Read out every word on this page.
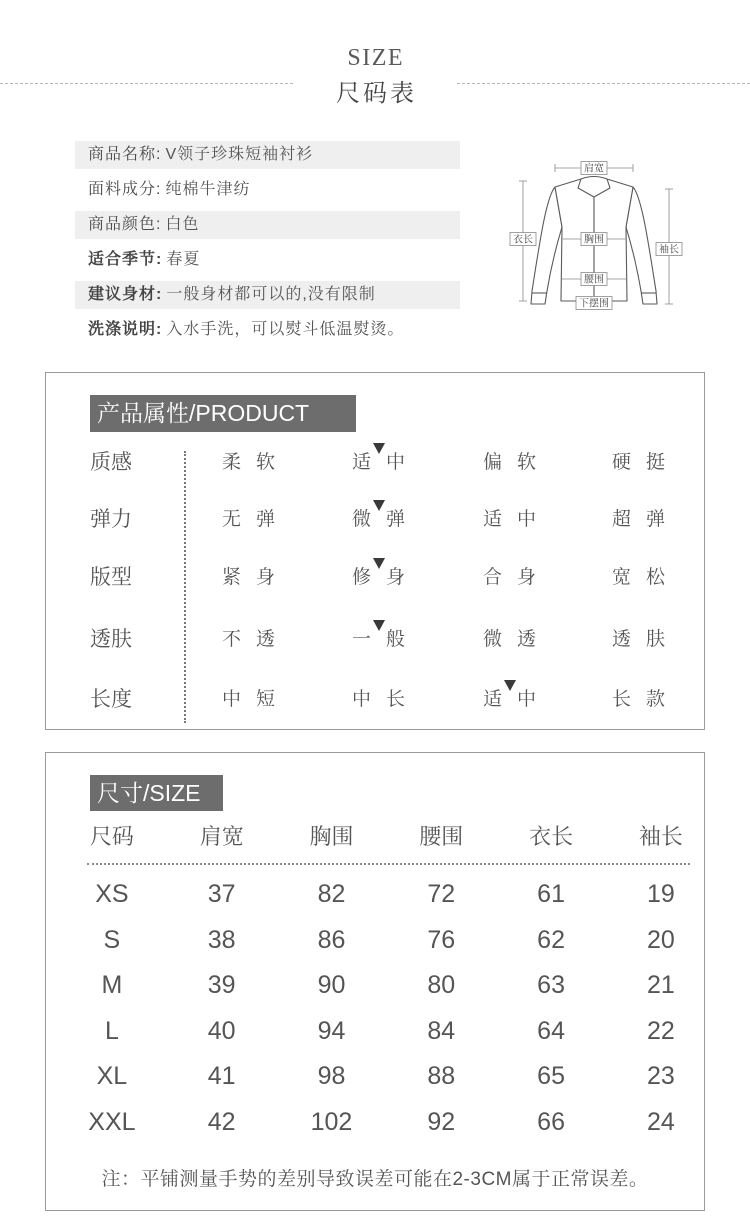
SIZE
尺码表
商品名称: V领子珍珠短袖衬衫
面料成分: 纯棉牛津纺
商品颜色: 白色
适合季节: 春夏
建议身材: 一般身材都可以的,没有限制
洗涤说明: 入水手洗，可以熨斗低温熨烫。
肩宽
衣长
袖长
胸围
腰围
下摆围
产品属性/PRODUCT
质感	柔 软	适 中	偏 软	硬 挺
弹力	无 弹	微 弹	适 中	超 弹
版型	紧 身	修 身	合 身	宽 松
透肤	不 透	一 般	微 透	透 肤
长度	中 短	中 长	适 中	长 款
尺寸/SIZE
尺码	肩宽	胸围	腰围	衣长	袖长
XS	37	82	72	61	19
S	38	86	76	62	20
M	39	90	80	63	21
L	40	94	84	64	22
XL	41	98	88	65	23
XXL	42	102	92	66	24
注：平铺测量手势的差别导致误差可能在2-3CM属于正常误差。
